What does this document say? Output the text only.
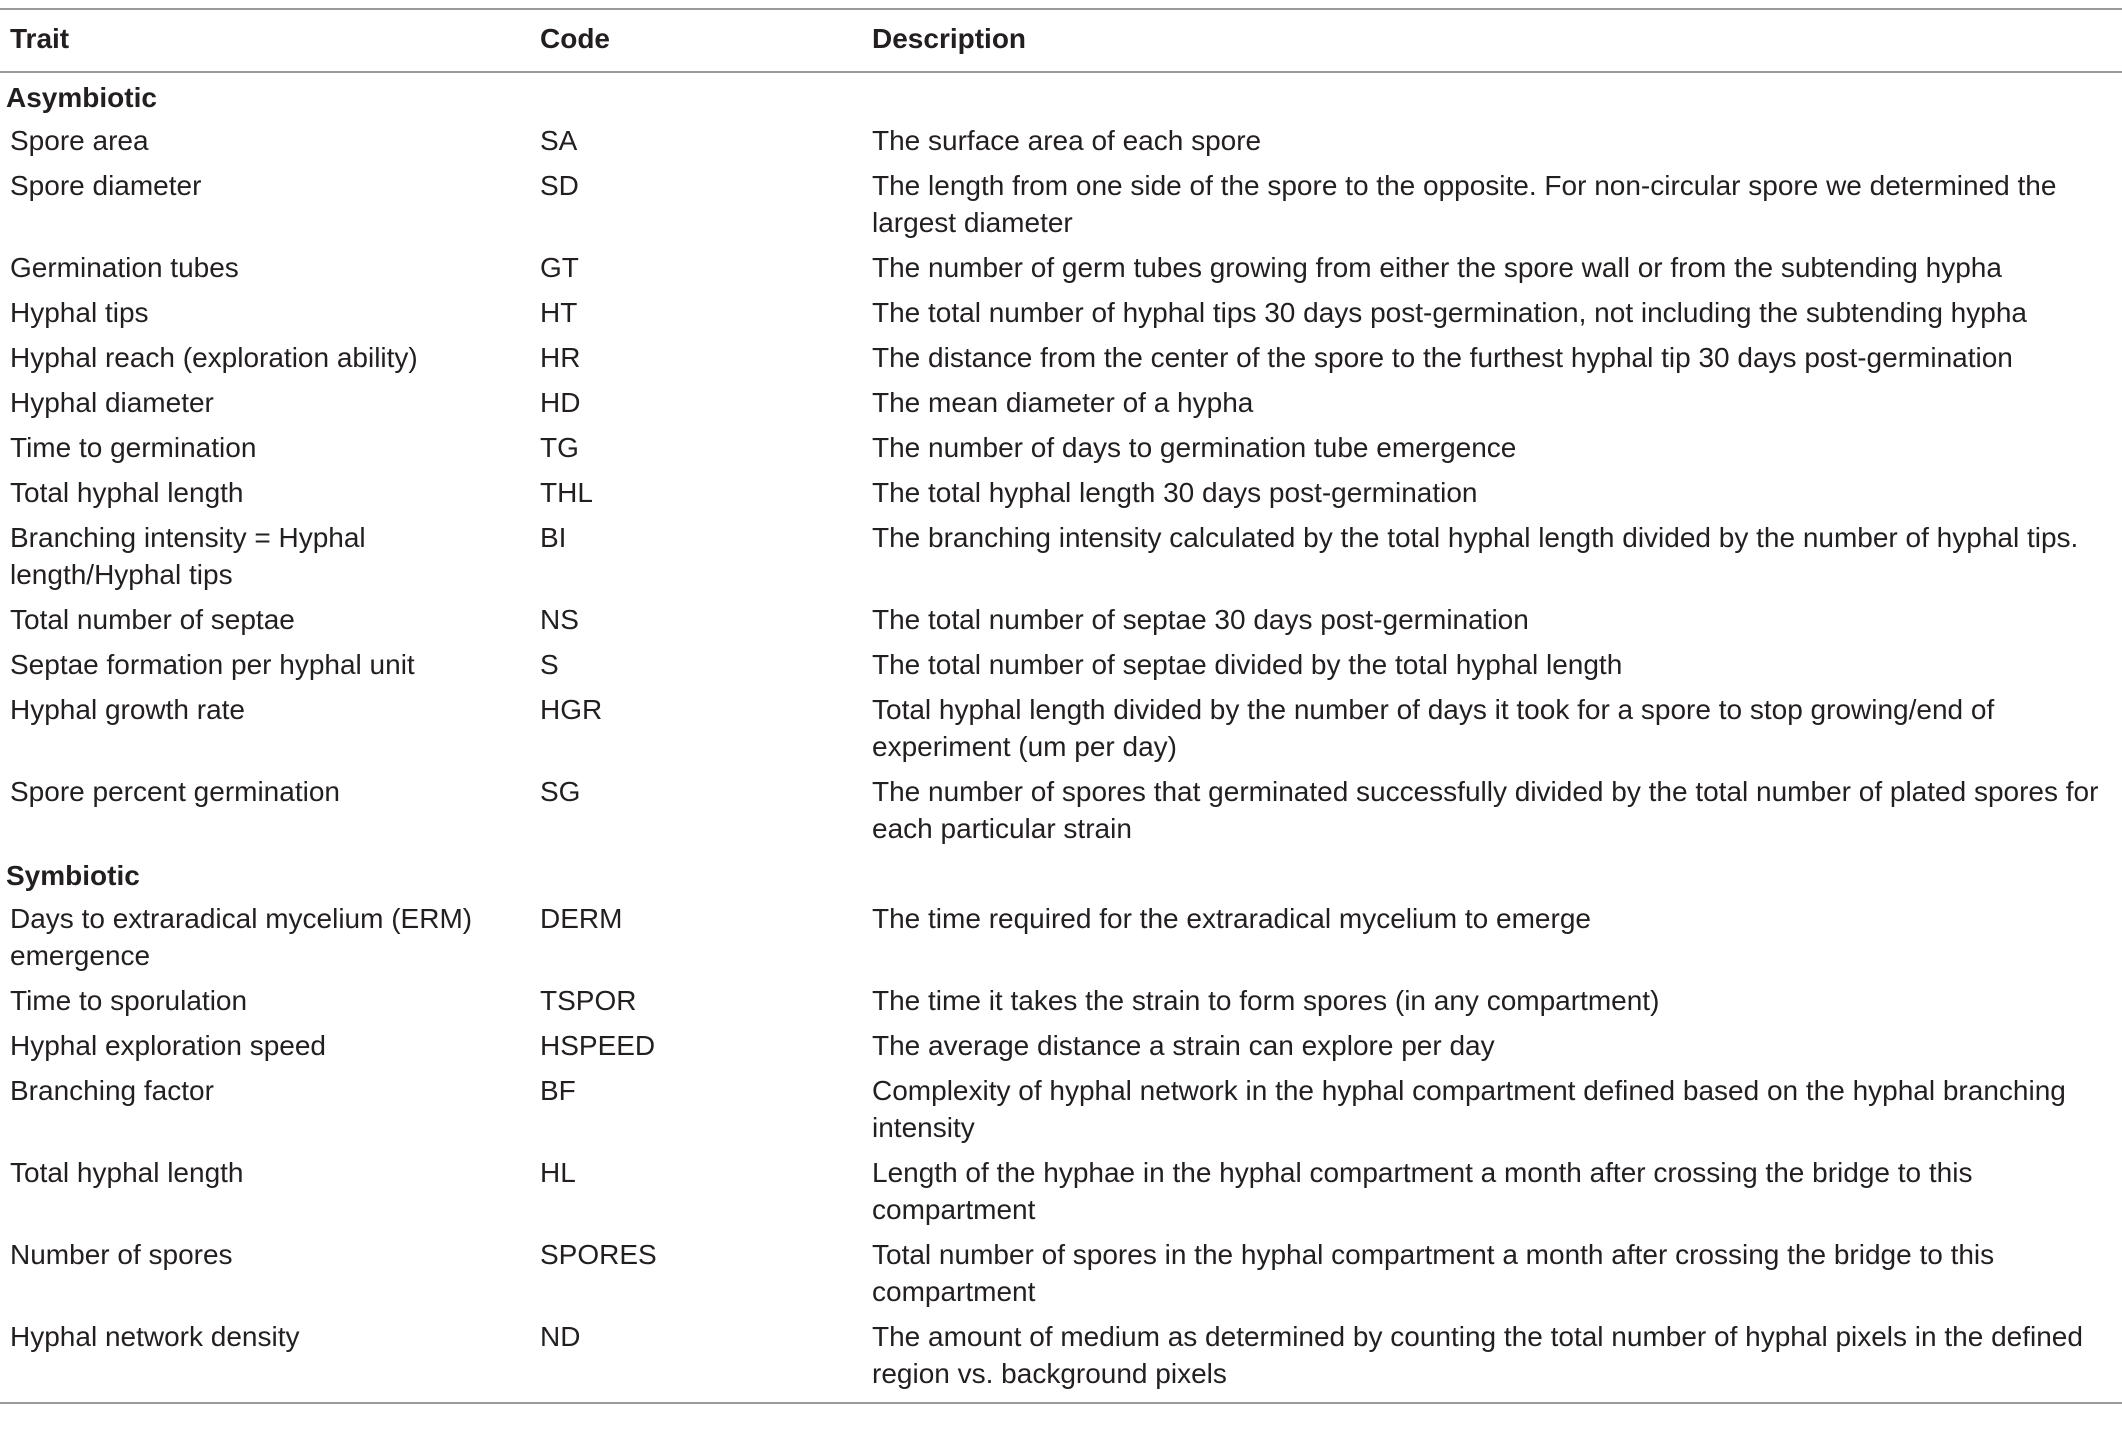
Trait	Code	Description
Asymbiotic		
Spore area	SA	The surface area of each spore
Spore diameter	SD	The length from one side of the spore to the opposite. For non-circular spore we determined the largest diameter
Germination tubes	GT	The number of germ tubes growing from either the spore wall or from the subtending hypha
Hyphal tips	HT	The total number of hyphal tips 30 days post-germination, not including the subtending hypha
Hyphal reach (exploration ability)	HR	The distance from the center of the spore to the furthest hyphal tip 30 days post-germination
Hyphal diameter	HD	The mean diameter of a hypha
Time to germination	TG	The number of days to germination tube emergence
Total hyphal length	THL	The total hyphal length 30 days post-germination
Branching intensity = Hyphal length/Hyphal tips	BI	The branching intensity calculated by the total hyphal length divided by the number of hyphal tips.
Total number of septae	NS	The total number of septae 30 days post-germination
Septae formation per hyphal unit	S	The total number of septae divided by the total hyphal length
Hyphal growth rate	HGR	Total hyphal length divided by the number of days it took for a spore to stop growing/end of experiment (um per day)
Spore percent germination	SG	The number of spores that germinated successfully divided by the total number of plated spores for each particular strain
Symbiotic		
Days to extraradical mycelium (ERM) emergence	DERM	The time required for the extraradical mycelium to emerge
Time to sporulation	TSPOR	The time it takes the strain to form spores (in any compartment)
Hyphal exploration speed	HSPEED	The average distance a strain can explore per day
Branching factor	BF	Complexity of hyphal network in the hyphal compartment defined based on the hyphal branching intensity
Total hyphal length	HL	Length of the hyphae in the hyphal compartment a month after crossing the bridge to this compartment
Number of spores	SPORES	Total number of spores in the hyphal compartment a month after crossing the bridge to this compartment
Hyphal network density	ND	The amount of medium as determined by counting the total number of hyphal pixels in the defined region vs. background pixels
